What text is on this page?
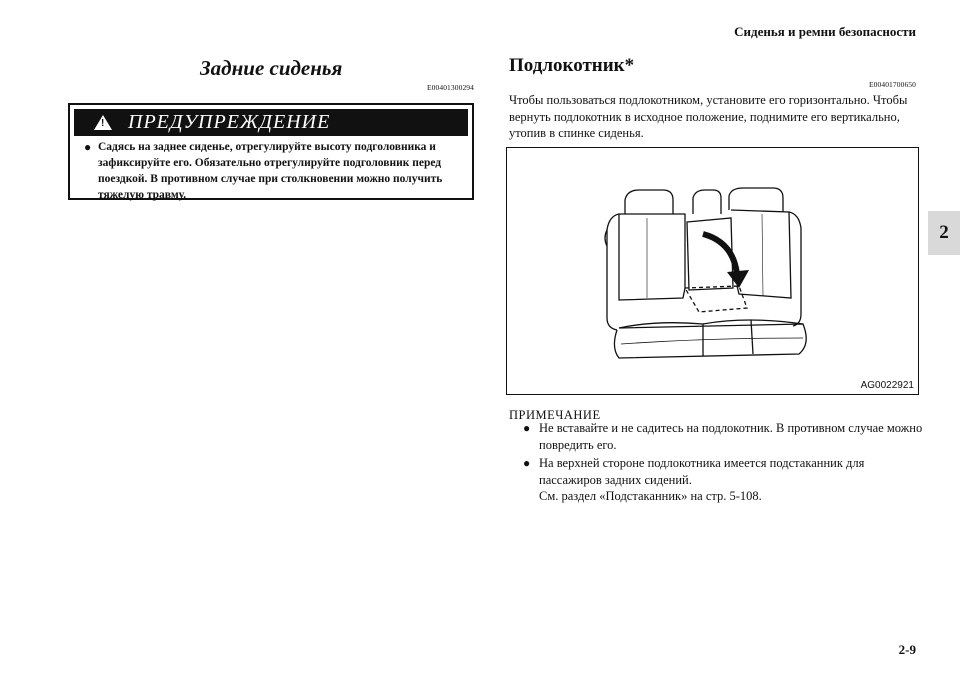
Сиденья и ремни безопасности
2
Задние сиденья
E00401300294
! ПРЕДУПРЕЖДЕНИЕ
● Садясь на заднее сиденье, отрегулируйте высоту подголовника и зафиксируйте его. Обязательно отрегулируйте подголовник перед поездкой. В противном случае при столкновении можно получить тяжелую травму.
Подлокотник*
E00401700650
Чтобы пользоваться подлокотником, установите его горизонтально. Чтобы вернуть подлокотник в исходное положение, поднимите его вертикально, утопив в спинке сиденья.
AG0022921
ПРИМЕЧАНИЕ
● Не вставайте и не садитесь на подлокотник. В противном случае можно повредить его.
● На верхней стороне подлокотника имеется подстаканник для пассажиров задних сидений.
См. раздел «Подстаканник» на стр. 5-108.
2-9
